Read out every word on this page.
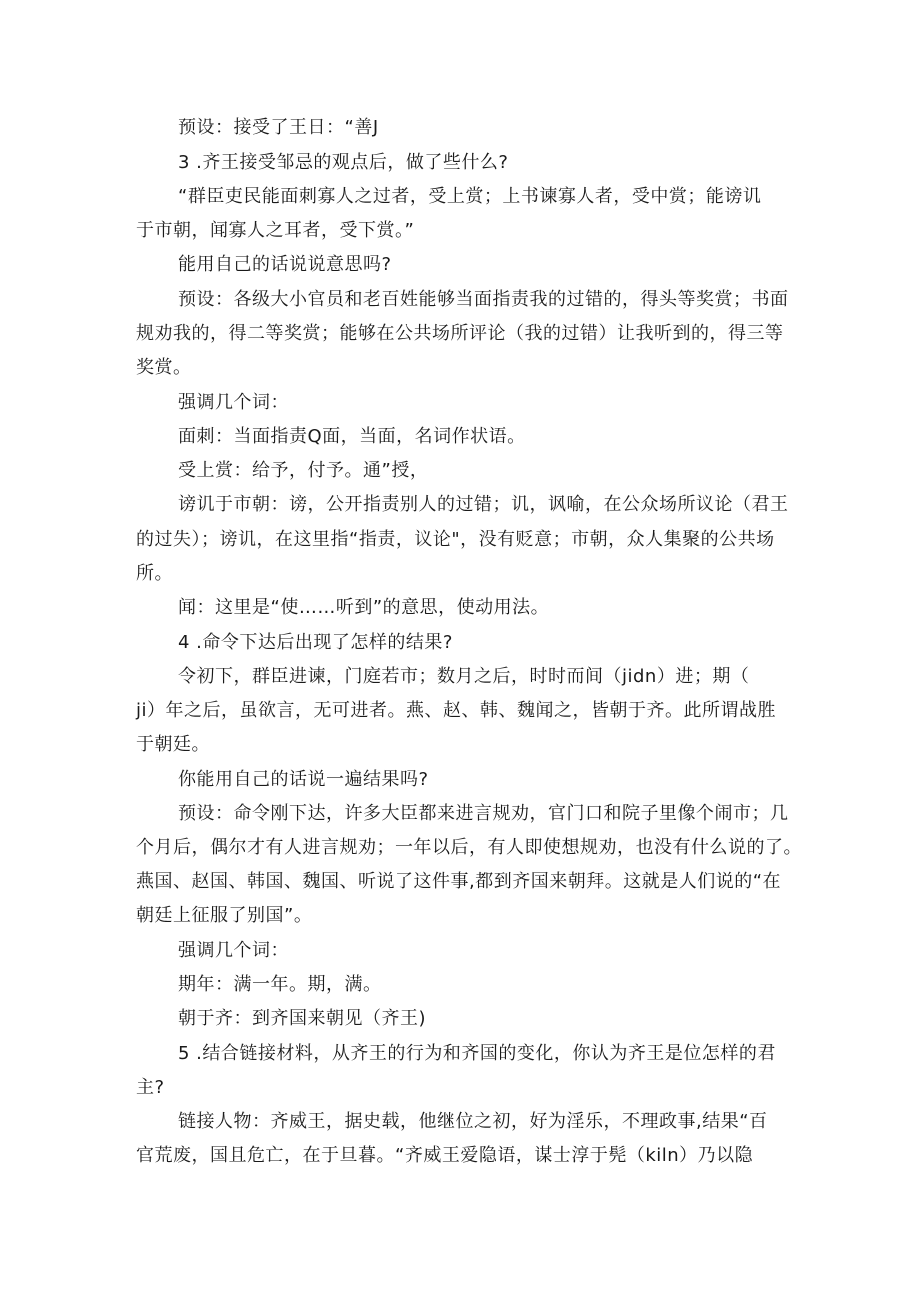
预设：接受了王日：“善J
3 .齐王接受邹忌的观点后，做了些什么?
“群臣吏民能面刺寡人之过者，受上赏；上书谏寡人者，受中赏；能谤讥
于市朝，闻寡人之耳者，受下赏。”
能用自己的话说说意思吗?
预设：各级大小官员和老百姓能够当面指责我的过错的，得头等奖赏；书面
规劝我的，得二等奖赏；能够在公共场所评论（我的过错）让我听到的，得三等
奖赏。
强调几个词：
面刺：当面指责Q面，当面，名词作状语。
受上赏：给予，付予。通”授，
谤讥于市朝：谤，公开指责别人的过错；讥，讽喻，在公众场所议论（君王
的过失）；谤讥，在这里指“指责，议论"，没有贬意；市朝，众人集聚的公共场
所。
闻：这里是“使……听到”的意思，使动用法。
4 .命令下达后出现了怎样的结果?
令初下，群臣进谏，门庭若市；数月之后，时时而间（jidn）进；期（
ji）年之后，虽欲言，无可进者。燕、赵、韩、魏闻之，皆朝于齐。此所谓战胜
于朝廷。
你能用自己的话说一遍结果吗?
预设：命令刚下达，许多大臣都来进言规劝，官门口和院子里像个闹市；几
个月后，偶尔才有人进言规劝；一年以后，有人即使想规劝，也没有什么说的了。
燕国、赵国、韩国、魏国、听说了这件事,都到齐国来朝拜。这就是人们说的“在
朝廷上征服了别国”。
强调几个词：
期年：满一年。期，满。
朝于齐：到齐国来朝见（齐王)
5 .结合链接材料，从齐王的行为和齐国的变化，你认为齐王是位怎样的君
主?
链接人物：齐威王，据史载，他继位之初，好为淫乐，不理政事,结果“百
官荒废，国且危亡，在于旦暮。“齐威王爱隐语，谋士淳于髡（kiln）乃以隐
